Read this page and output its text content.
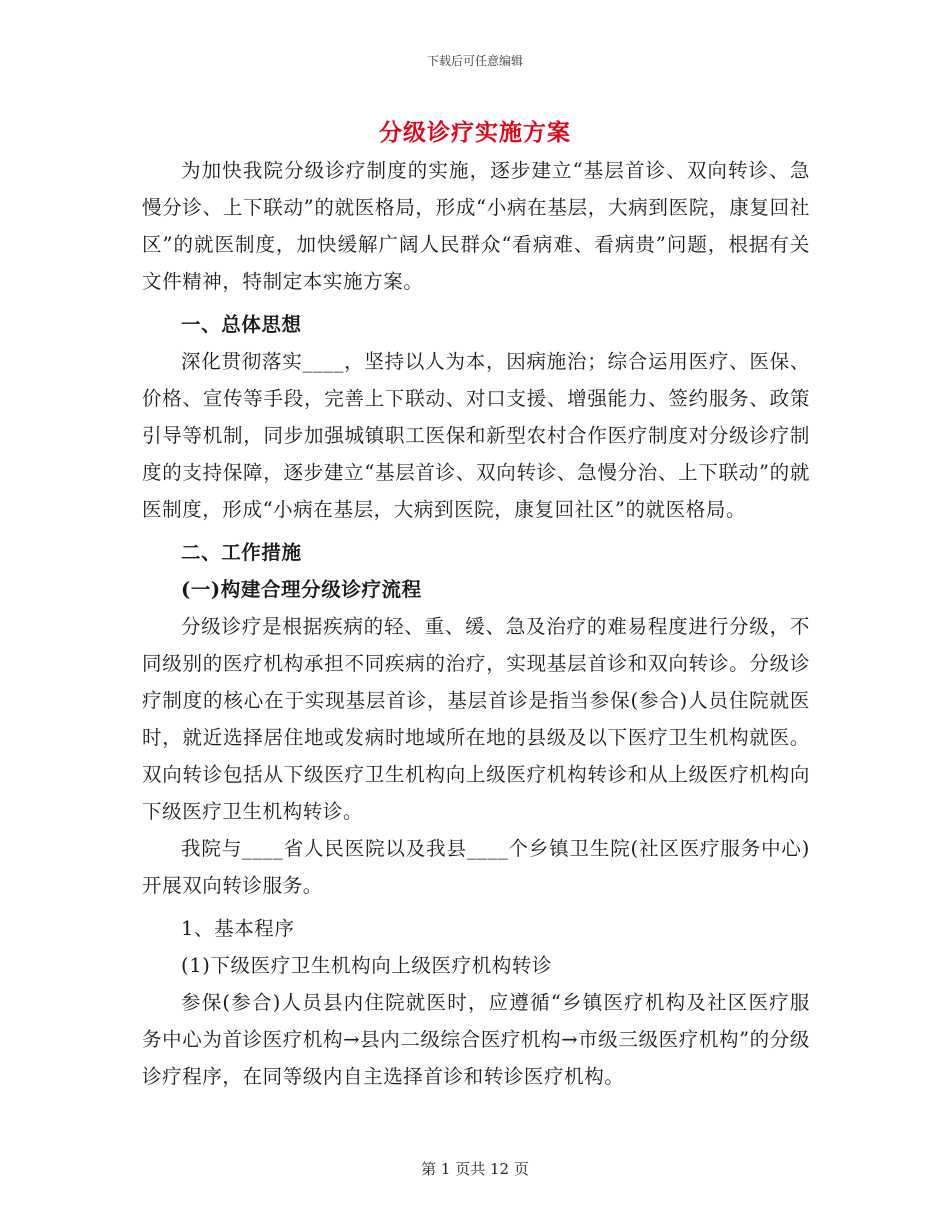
下载后可任意编辑
分级诊疗实施方案

为加快我院分级诊疗制度的实施，逐步建立“基层首诊、双向转诊、急慢分诊、上下联动”的就医格局，形成“小病在基层，大病到医院，康复回社区”的就医制度，加快缓解广阔人民群众“看病难、看病贵”问题，根据有关文件精神，特制定本实施方案。

一、总体思想

深化贯彻落实____，坚持以人为本，因病施治；综合运用医疗、医保、价格、宣传等手段，完善上下联动、对口支援、增强能力、签约服务、政策引导等机制，同步加强城镇职工医保和新型农村合作医疗制度对分级诊疗制度的支持保障，逐步建立“基层首诊、双向转诊、急慢分治、上下联动”的就医制度，形成“小病在基层，大病到医院，康复回社区”的就医格局。

二、工作措施

(一)构建合理分级诊疗流程

分级诊疗是根据疾病的轻、重、缓、急及治疗的难易程度进行分级，不同级别的医疗机构承担不同疾病的治疗，实现基层首诊和双向转诊。分级诊疗制度的核心在于实现基层首诊，基层首诊是指当参保(参合)人员住院就医时，就近选择居住地或发病时地域所在地的县级及以下医疗卫生机构就医。双向转诊包括从下级医疗卫生机构向上级医疗机构转诊和从上级医疗机构向下级医疗卫生机构转诊。

我院与____省人民医院以及我县____个乡镇卫生院(社区医疗服务中心)开展双向转诊服务。

1、基本程序

(1)下级医疗卫生机构向上级医疗机构转诊

参保(参合)人员县内住院就医时，应遵循“乡镇医疗机构及社区医疗服务中心为首诊医疗机构→县内二级综合医疗机构→市级三级医疗机构”的分级诊疗程序，在同等级内自主选择首诊和转诊医疗机构。

第 1 页共 12 页
